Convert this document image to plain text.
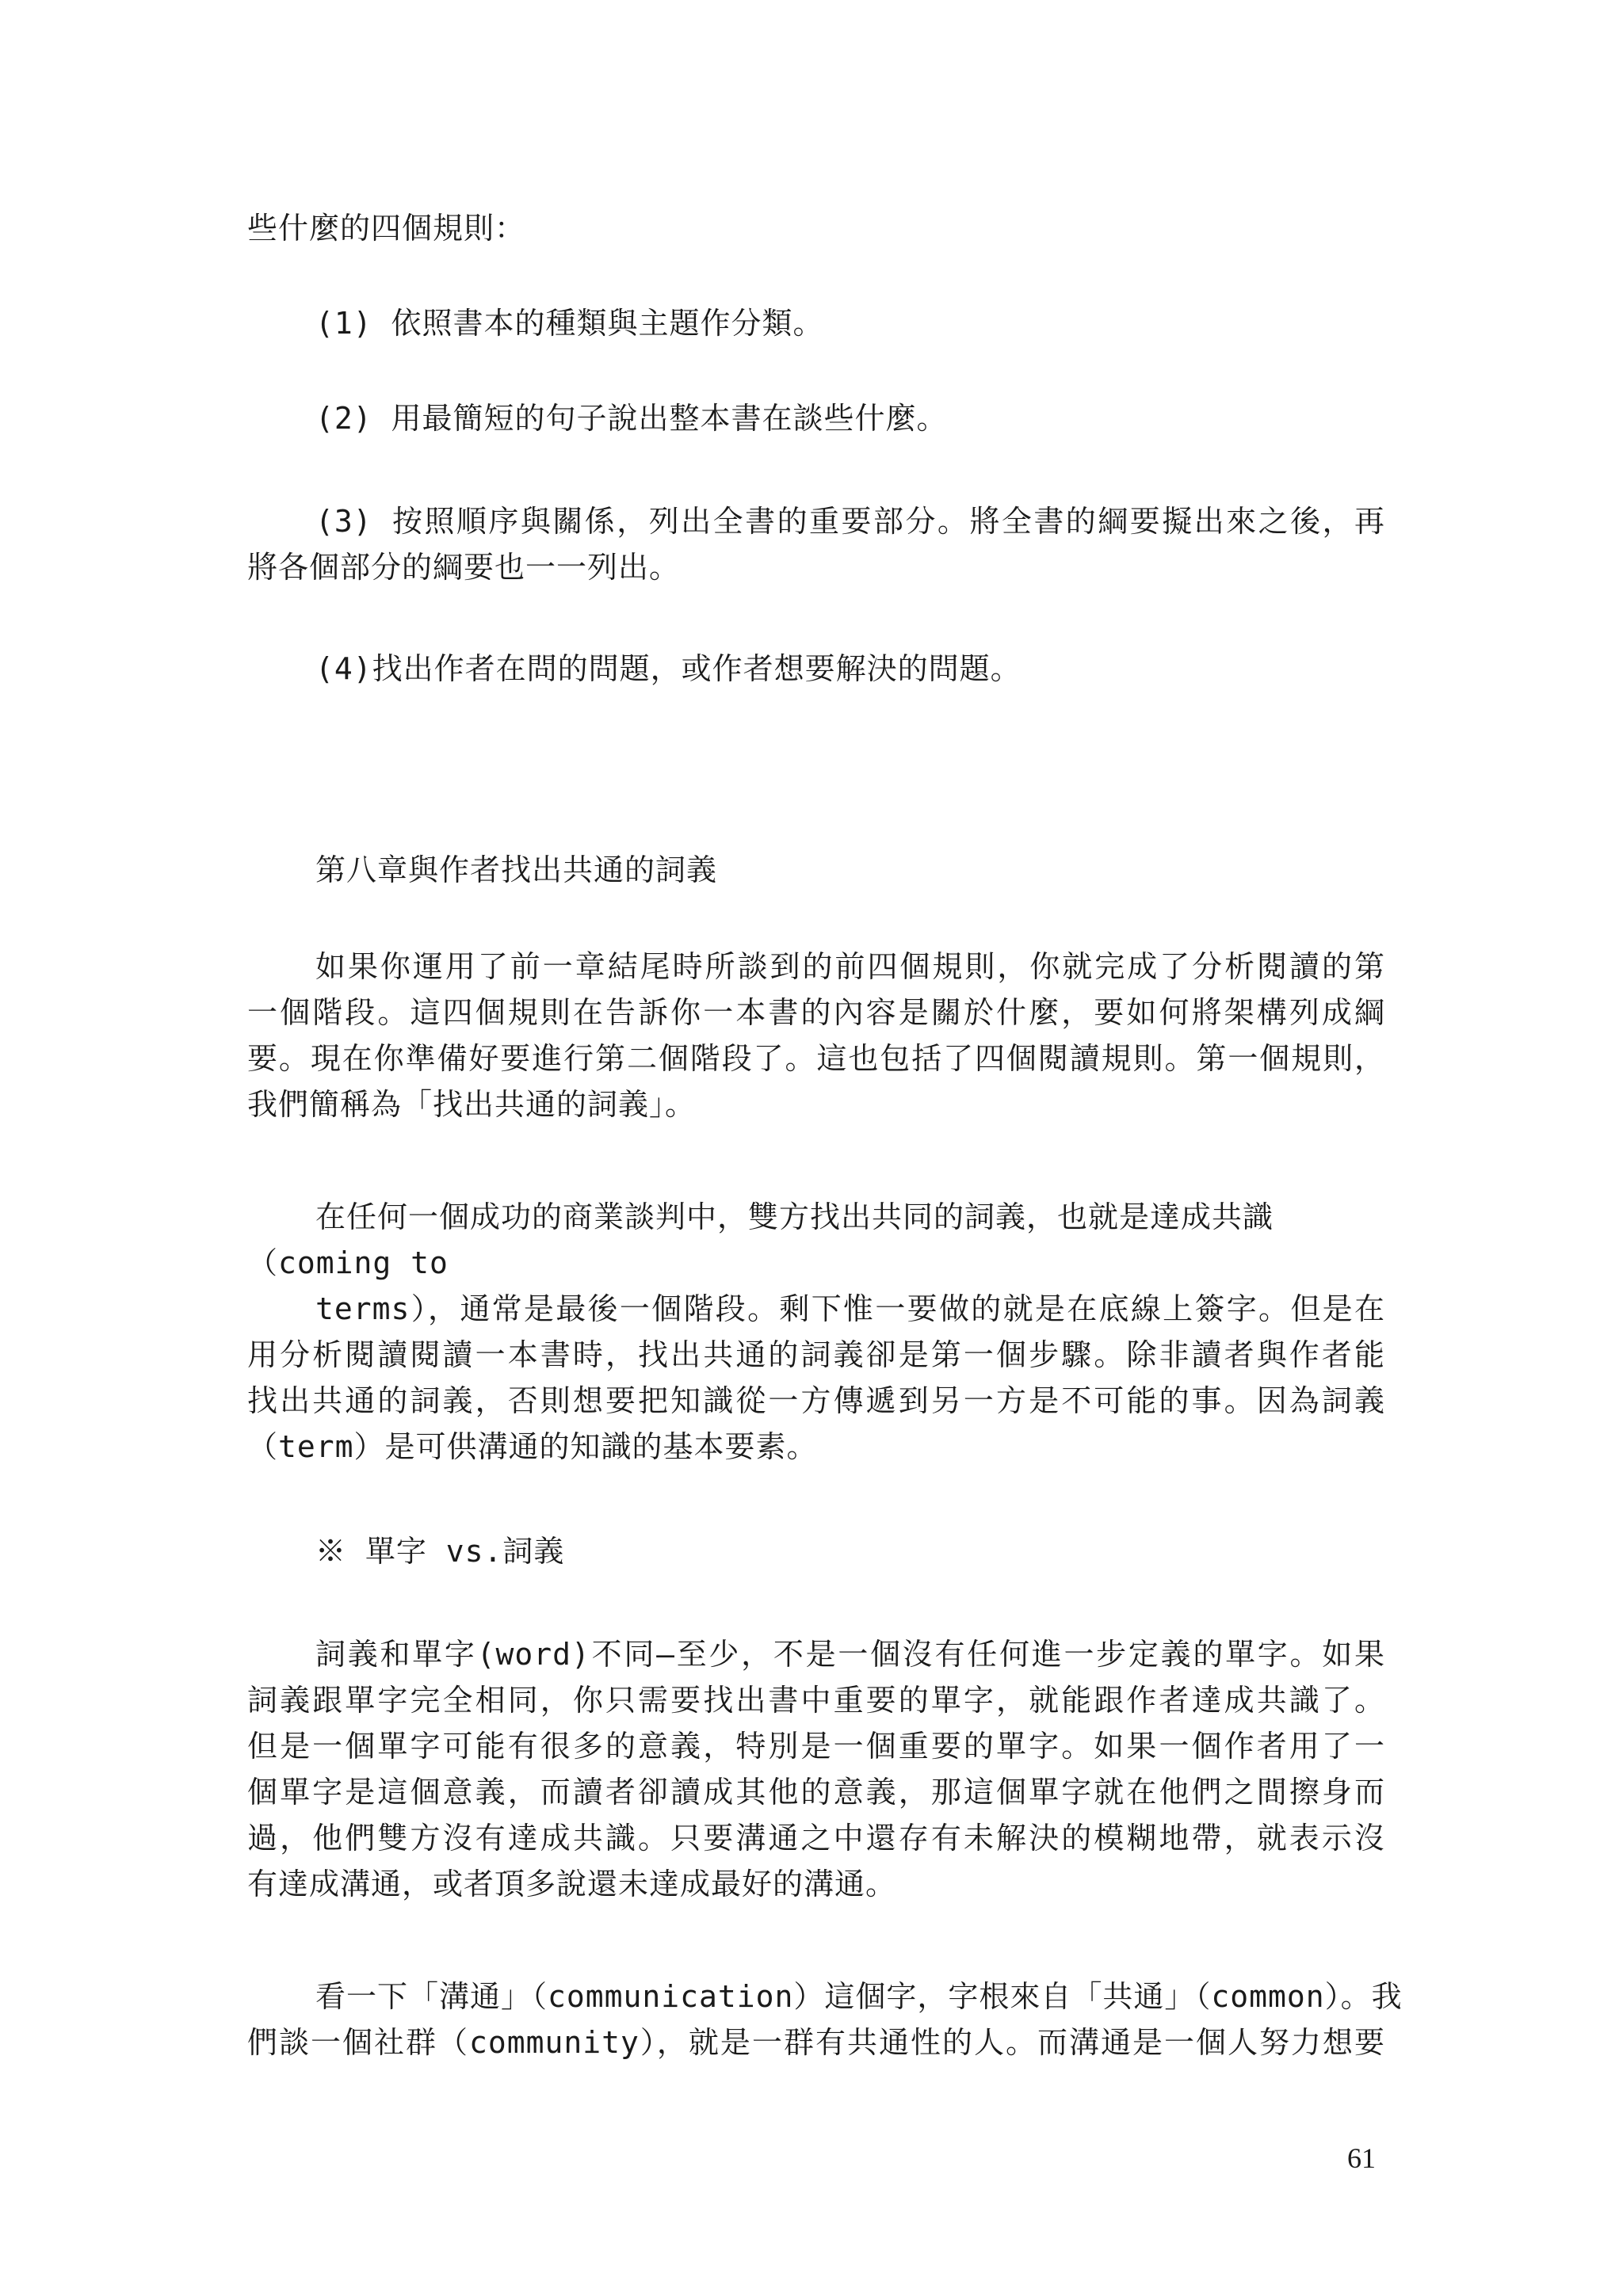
些什麼的四個規則：
(1) 依照書本的種類與主題作分類。
(2) 用最簡短的句子說出整本書在談些什麼。
(3) 按照順序與關係，列出全書的重要部分。將全書的綱要擬出來之後，再
將各個部分的綱要也一一列出。
(4)找出作者在問的問題，或作者想要解決的問題。
第八章與作者找出共通的詞義
如果你運用了前一章結尾時所談到的前四個規則，你就完成了分析閱讀的第
一個階段。這四個規則在告訴你一本書的內容是關於什麼，要如何將架構列成綱
要。現在你準備好要進行第二個階段了。這也包括了四個閱讀規則。第一個規則，
我們簡稱為「找出共通的詞義」。
在任何一個成功的商業談判中，雙方找出共同的詞義，也就是達成共識
（coming to
terms），通常是最後一個階段。剩下惟一要做的就是在底線上簽字。但是在
用分析閱讀閱讀一本書時，找出共通的詞義卻是第一個步驟。除非讀者與作者能
找出共通的詞義，否則想要把知識從一方傳遞到另一方是不可能的事。因為詞義
（term）是可供溝通的知識的基本要素。
※ 單字 vs.詞義
詞義和單字(word)不同—至少，不是一個沒有任何進一步定義的單字。如果
詞義跟單字完全相同，你只需要找出書中重要的單字，就能跟作者達成共識了。
但是一個單字可能有很多的意義，特別是一個重要的單字。如果一個作者用了一
個單字是這個意義，而讀者卻讀成其他的意義，那這個單字就在他們之間擦身而
過，他們雙方沒有達成共識。只要溝通之中還存有未解決的模糊地帶，就表示沒
有達成溝通，或者頂多說還未達成最好的溝通。
看一下「溝通」（communication）這個字，字根來自「共通」（common）。我
們談一個社群（community），就是一群有共通性的人。而溝通是一個人努力想要
61
